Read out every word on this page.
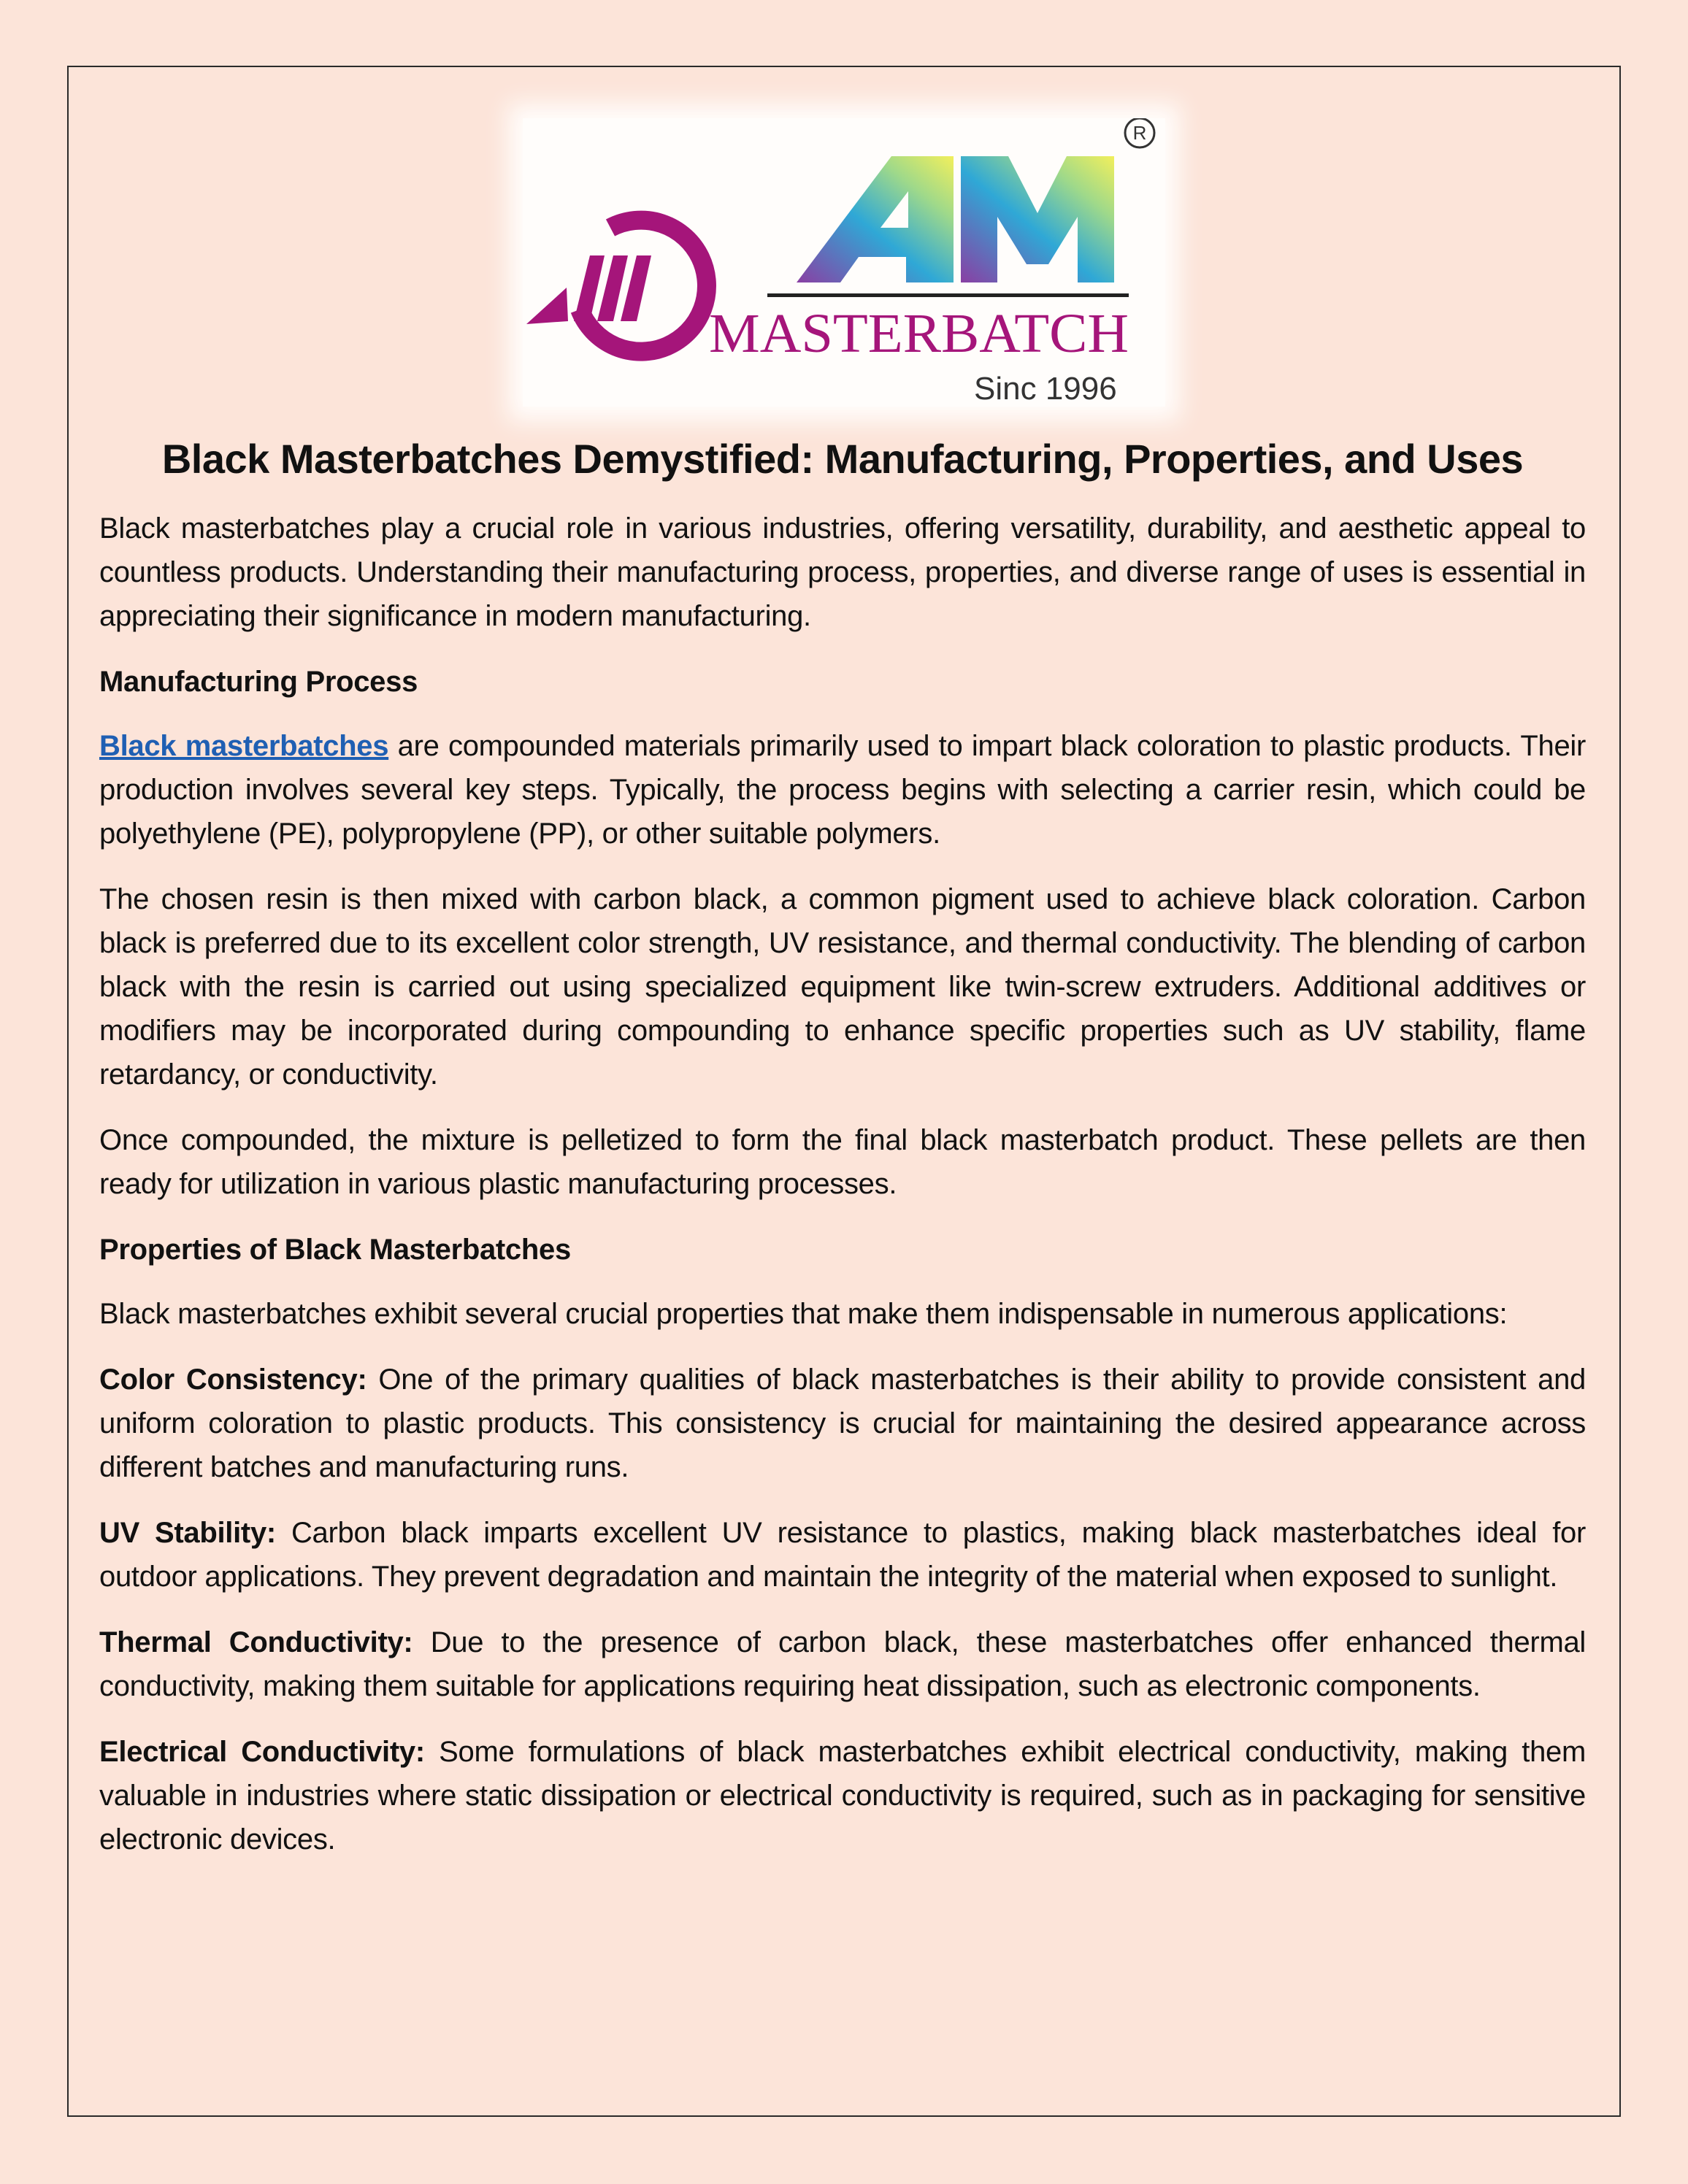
R
MASTERBATCH
Sinc 1996
Black Masterbatches Demystified: Manufacturing, Properties, and Uses

Black masterbatches play a crucial role in various industries, offering versatility, durability, and aesthetic appeal to countless products. Understanding their manufacturing process, properties, and diverse range of uses is essential in appreciating their significance in modern manufacturing.

Manufacturing Process

Black masterbatches are compounded materials primarily used to impart black coloration to plastic products. Their production involves several key steps. Typically, the process begins with selecting a carrier resin, which could be polyethylene (PE), polypropylene (PP), or other suitable polymers.

The chosen resin is then mixed with carbon black, a common pigment used to achieve black coloration. Carbon black is preferred due to its excellent color strength, UV resistance, and thermal conductivity. The blending of carbon black with the resin is carried out using specialized equipment like twin-screw extruders. Additional additives or modifiers may be incorporated during compounding to enhance specific properties such as UV stability, flame retardancy, or conductivity.

Once compounded, the mixture is pelletized to form the final black masterbatch product. These pellets are then ready for utilization in various plastic manufacturing processes.

Properties of Black Masterbatches

Black masterbatches exhibit several crucial properties that make them indispensable in numerous applications:

Color Consistency: One of the primary qualities of black masterbatches is their ability to provide consistent and uniform coloration to plastic products. This consistency is crucial for maintaining the desired appearance across different batches and manufacturing runs.

UV Stability: Carbon black imparts excellent UV resistance to plastics, making black masterbatches ideal for outdoor applications. They prevent degradation and maintain the integrity of the material when exposed to sunlight.

Thermal Conductivity: Due to the presence of carbon black, these masterbatches offer enhanced thermal conductivity, making them suitable for applications requiring heat dissipation, such as electronic components.

Electrical Conductivity: Some formulations of black masterbatches exhibit electrical conductivity, making them valuable in industries where static dissipation or electrical conductivity is required, such as in packaging for sensitive electronic devices.
